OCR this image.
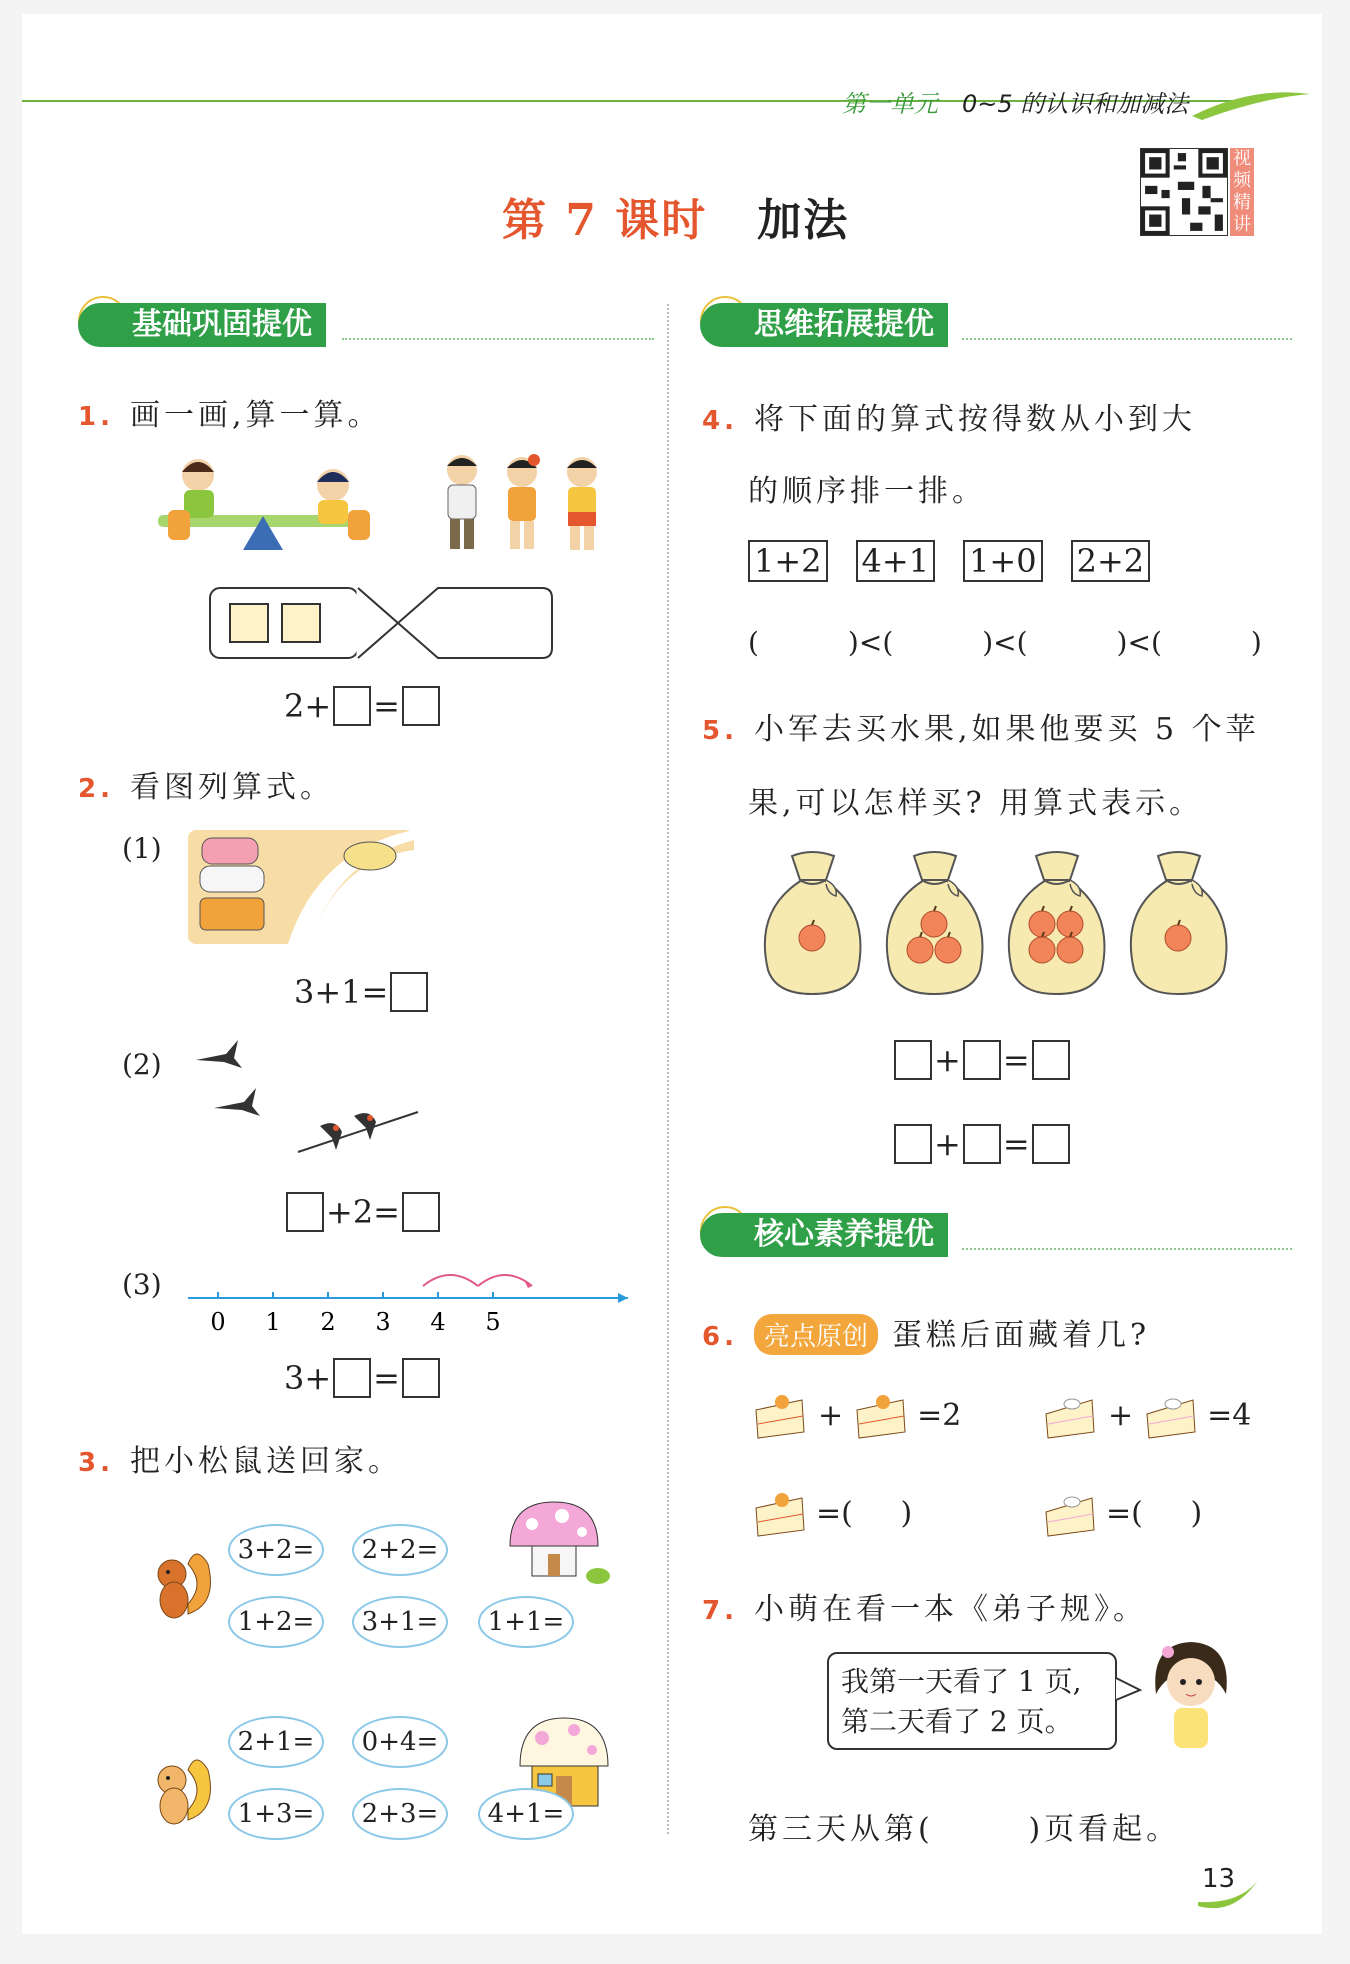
第一单元 0~5 的认识和加减法
第 7 课时 加法
视频精讲
基础巩固提优
1. 画一画,算一算。
2+ =
2. 看图列算式。
(1)
3+1=
(2)
+2=
(3)
0 1 2 3 4 5
3+ =
3. 把小松鼠送回家。
3+2=	2+2=
1+2=	3+1=	1+1=
2+1=	0+4=
1+3=	2+3=	4+1=
思维拓展提优
4. 将下面的算式按得数从小到大
的顺序排一排。
1+2 4+1 1+0 2+2
(          )<(          )<(          )<(          )
5. 小军去买水果,如果他要买 5 个苹
果,可以怎样买? 用算式表示。
+ =
+ =
核心素养提优
6. 亮点原创 蛋糕后面藏着几?
+ =2	+ =4
=(     )	=(     )
7. 小萌在看一本《弟子规》。
我第一天看了 1 页,
第二天看了 2 页。
第三天从第(       )页看起。
13
